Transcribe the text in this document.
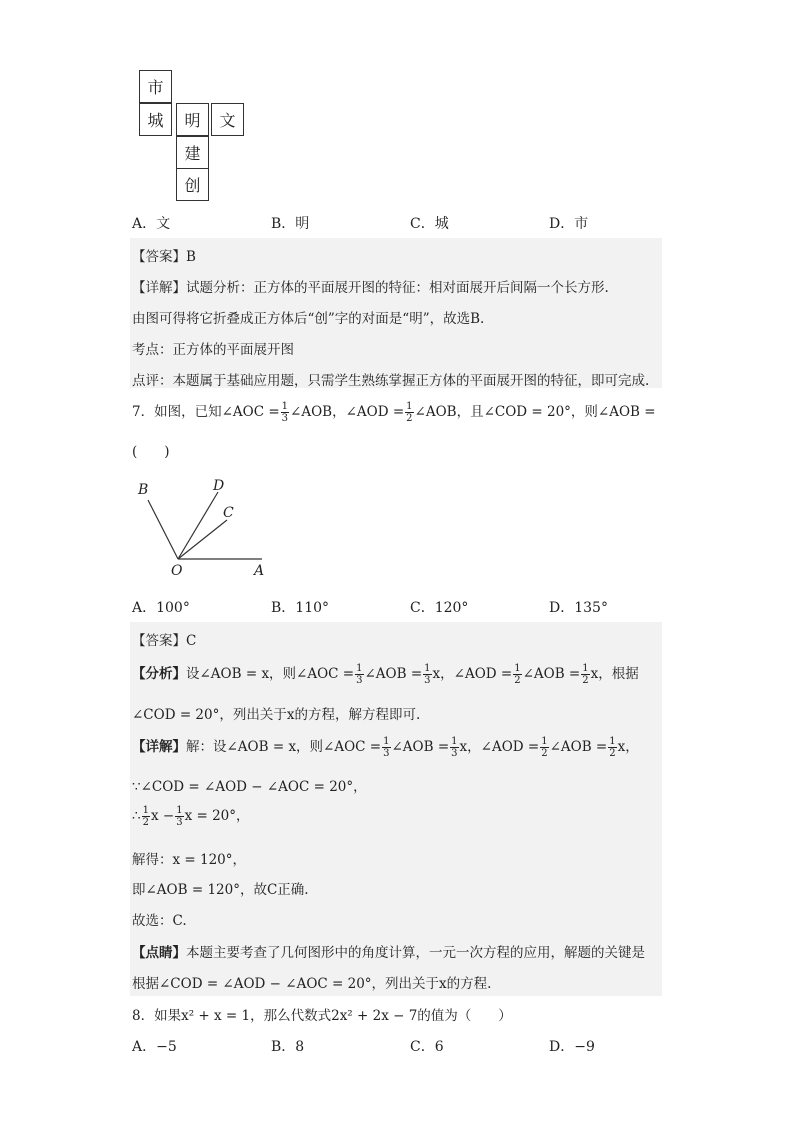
市
城	明	文
建
创
A．文	B．明	C．城	D．市
【答案】B
【详解】试题分析：正方体的平面展开图的特征：相对面展开后间隔一个长方形.
由图可得将它折叠成正方体后“创”字的对面是“明”，故选B.
考点：正方体的平面展开图
点评：本题属于基础应用题，只需学生熟练掌握正方体的平面展开图的特征，即可完成.
7．如图，已知∠AOC = $\frac{1}{3}$ ∠AOB，∠AOD = $\frac{1}{2}$ ∠AOB，且∠COD = 20°，则∠AOB =
(　　)
B	D
C
O	A
A．100°	B．110°	C．120°	D．135°
【答案】C
【分析】设∠AOB = x，则∠AOC = $\frac{1}{3}$ ∠AOB = $\frac{1}{3}$ x，∠AOD = $\frac{1}{2}$ ∠AOB = $\frac{1}{2}$ x，根据
∠COD = 20°，列出关于x的方程，解方程即可.
【详解】解：设∠AOB = x，则∠AOC = $\frac{1}{3}$ ∠AOB = $\frac{1}{3}$ x，∠AOD = $\frac{1}{2}$ ∠AOB = $\frac{1}{2}$ x，
∵∠COD = ∠AOD − ∠AOC = 20°，
∴ $\frac{1}{2}$ $x - \frac{1}{3}$ x = 20°，
解得：x = 120°，
即∠AOB = 120°，故C正确.
故选：C.
【点睛】本题主要考查了几何图形中的角度计算，一元一次方程的应用，解题的关键是
根据∠COD = ∠AOD − ∠AOC = 20°，列出关于x的方程.
8．如果x² + x = 1，那么代数式2x² + 2x − 7的值为（　　）
A．−5	B．8	C．6	D．−9
